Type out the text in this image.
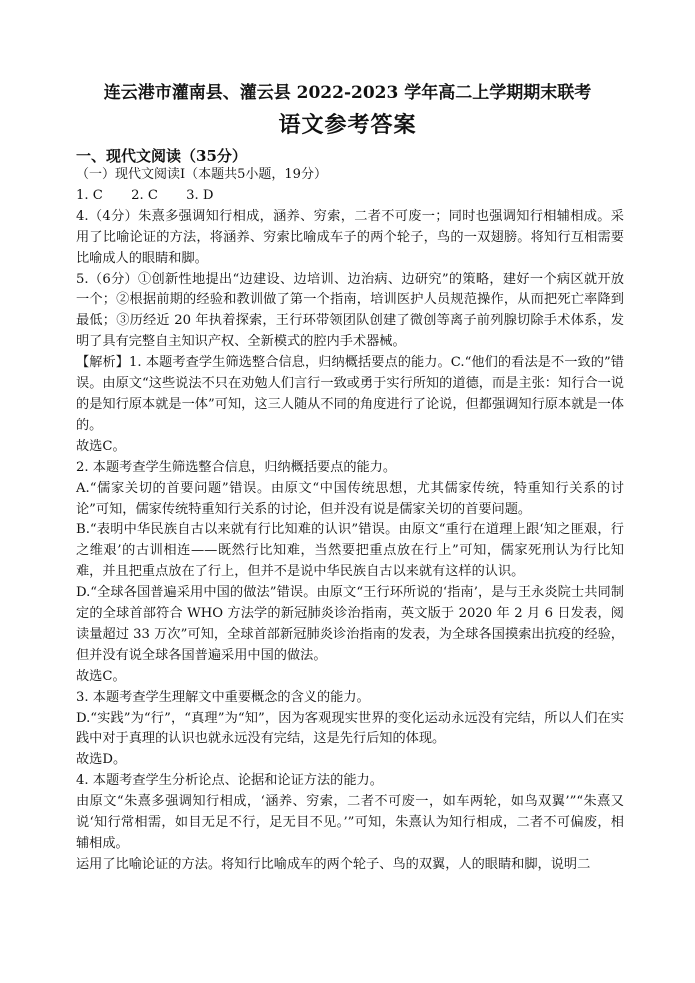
连云港市灌南县、灌云县 2022-2023 学年高二上学期期末联考
语文参考答案
一、现代文阅读（35分）

（一）现代文阅读Ⅰ（本题共5小题，19分）

1. C 2. C 3. D

4.（4分）朱熹多强调知行相成，涵养、穷索，二者不可废一；同时也强调知行相辅相成。采用了比喻论证的方法，将涵养、穷索比喻成车子的两个轮子，鸟的一双翅膀。将知行互相需要比喻成人的眼睛和脚。

5.（6分）①创新性地提出“边建设、边培训、边治病、边研究”的策略，建好一个病区就开放一个；②根据前期的经验和教训做了第一个指南，培训医护人员规范操作，从而把死亡率降到最低；③历经近 20 年执着探索，王行环带领团队创建了微创等离子前列腺切除手术体系，发明了具有完整自主知识产权、全新模式的腔内手术器械。

【解析】1. 本题考查学生筛选整合信息，归纳概括要点的能力。C.“他们的看法是不一致的”错误。由原文“这些说法不只在劝勉人们言行一致或勇于实行所知的道德，而是主张：知行合一说的是知行原本就是一体”可知，这三人随从不同的角度进行了论说，但都强调知行原本就是一体的。

故选C。

2. 本题考查学生筛选整合信息，归纳概括要点的能力。

A.“儒家关切的首要问题”错误。由原文“中国传统思想，尤其儒家传统，特重知行关系的讨论”可知，儒家传统特重知行关系的讨论，但并没有说是儒家关切的首要问题。

B.“表明中华民族自古以来就有行比知难的认识”错误。由原文“重行在道理上跟‘知之匪艰，行之维艰’的古训相连——既然行比知难，当然要把重点放在行上”可知，儒家死刑认为行比知难，并且把重点放在了行上，但并不是说中华民族自古以来就有这样的认识。

D.“全球各国普遍采用中国的做法”错误。由原文“王行环所说的‘指南’，是与王永炎院士共同制定的全球首部符合 WHO 方法学的新冠肺炎诊治指南，英文版于 2020 年 2 月 6 日发表，阅读量超过 33 万次”可知，全球首部新冠肺炎诊治指南的发表，为全球各国摸索出抗疫的经验，但并没有说全球各国普遍采用中国的做法。

故选C。

3. 本题考查学生理解文中重要概念的含义的能力。

D.“实践”为“行”，“真理”为“知”，因为客观现实世界的变化运动永远没有完结，所以人们在实践中对于真理的认识也就永远没有完结，这是先行后知的体现。

故选D。

4. 本题考查学生分析论点、论据和论证方法的能力。

由原文“朱熹多强调知行相成，‘涵养、穷索，二者不可废一，如车两轮，如鸟双翼’”“朱熹又说‘知行常相需，如目无足不行，足无目不见。’”可知，朱熹认为知行相成，二者不可偏废，相辅相成。

运用了比喻论证的方法。将知行比喻成车的两个轮子、鸟的双翼，人的眼睛和脚，说明二
